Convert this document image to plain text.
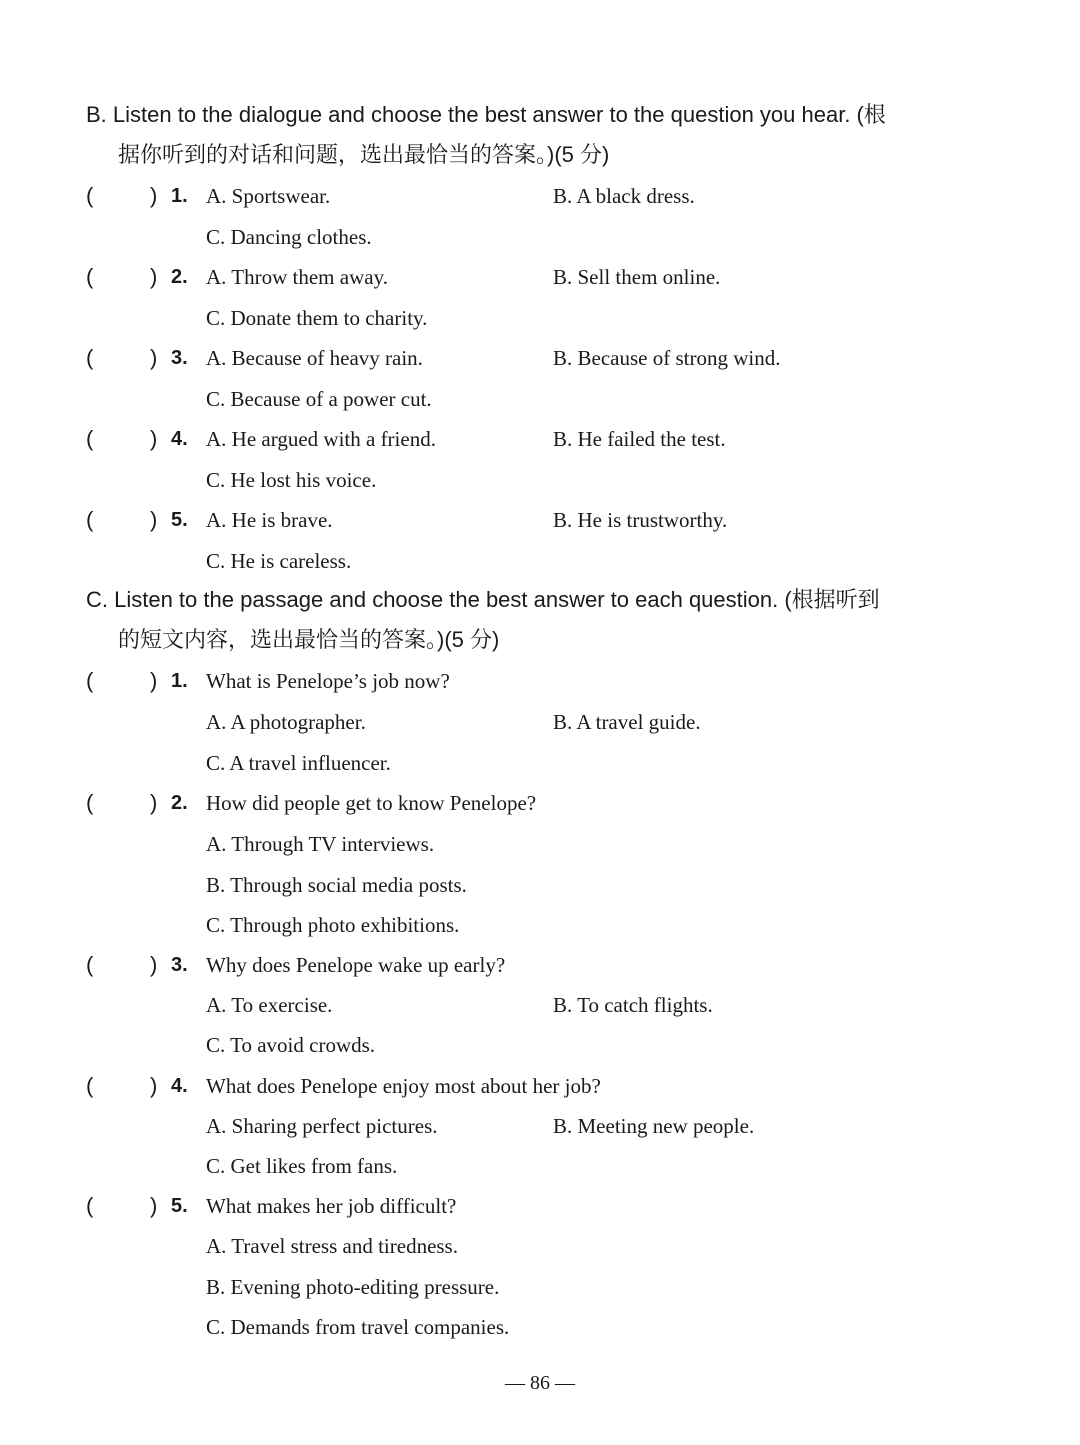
B. Listen to the dialogue and choose the best answer to the question you hear. (根
据你听到的对话和问题，选出最恰当的答案。)(5 分)
(	) 1. A. Sportswear.	B. A black dress.
C. Dancing clothes.
(	) 2. A. Throw them away.	B. Sell them online.
C. Donate them to charity.
(	) 3. A. Because of heavy rain.	B. Because of strong wind.
C. Because of a power cut.
(	) 4. A. He argued with a friend.	B. He failed the test.
C. He lost his voice.
(	) 5. A. He is brave.	B. He is trustworthy.
C. He is careless.
C. Listen to the passage and choose the best answer to each question. (根据听到
的短文内容，选出最恰当的答案。)(5 分)
(	) 1. What is Penelope’s job now?
A. A photographer.	B. A travel guide.
C. A travel influencer.
(	) 2. How did people get to know Penelope?
A. Through TV interviews.
B. Through social media posts.
C. Through photo exhibitions.
(	) 3. Why does Penelope wake up early?
A. To exercise.	B. To catch flights.
C. To avoid crowds.
(	) 4. What does Penelope enjoy most about her job?
A. Sharing perfect pictures.	B. Meeting new people.
C. Get likes from fans.
(	) 5. What makes her job difficult?
A. Travel stress and tiredness.
B. Evening photo-editing pressure.
C. Demands from travel companies.
— 86 —
